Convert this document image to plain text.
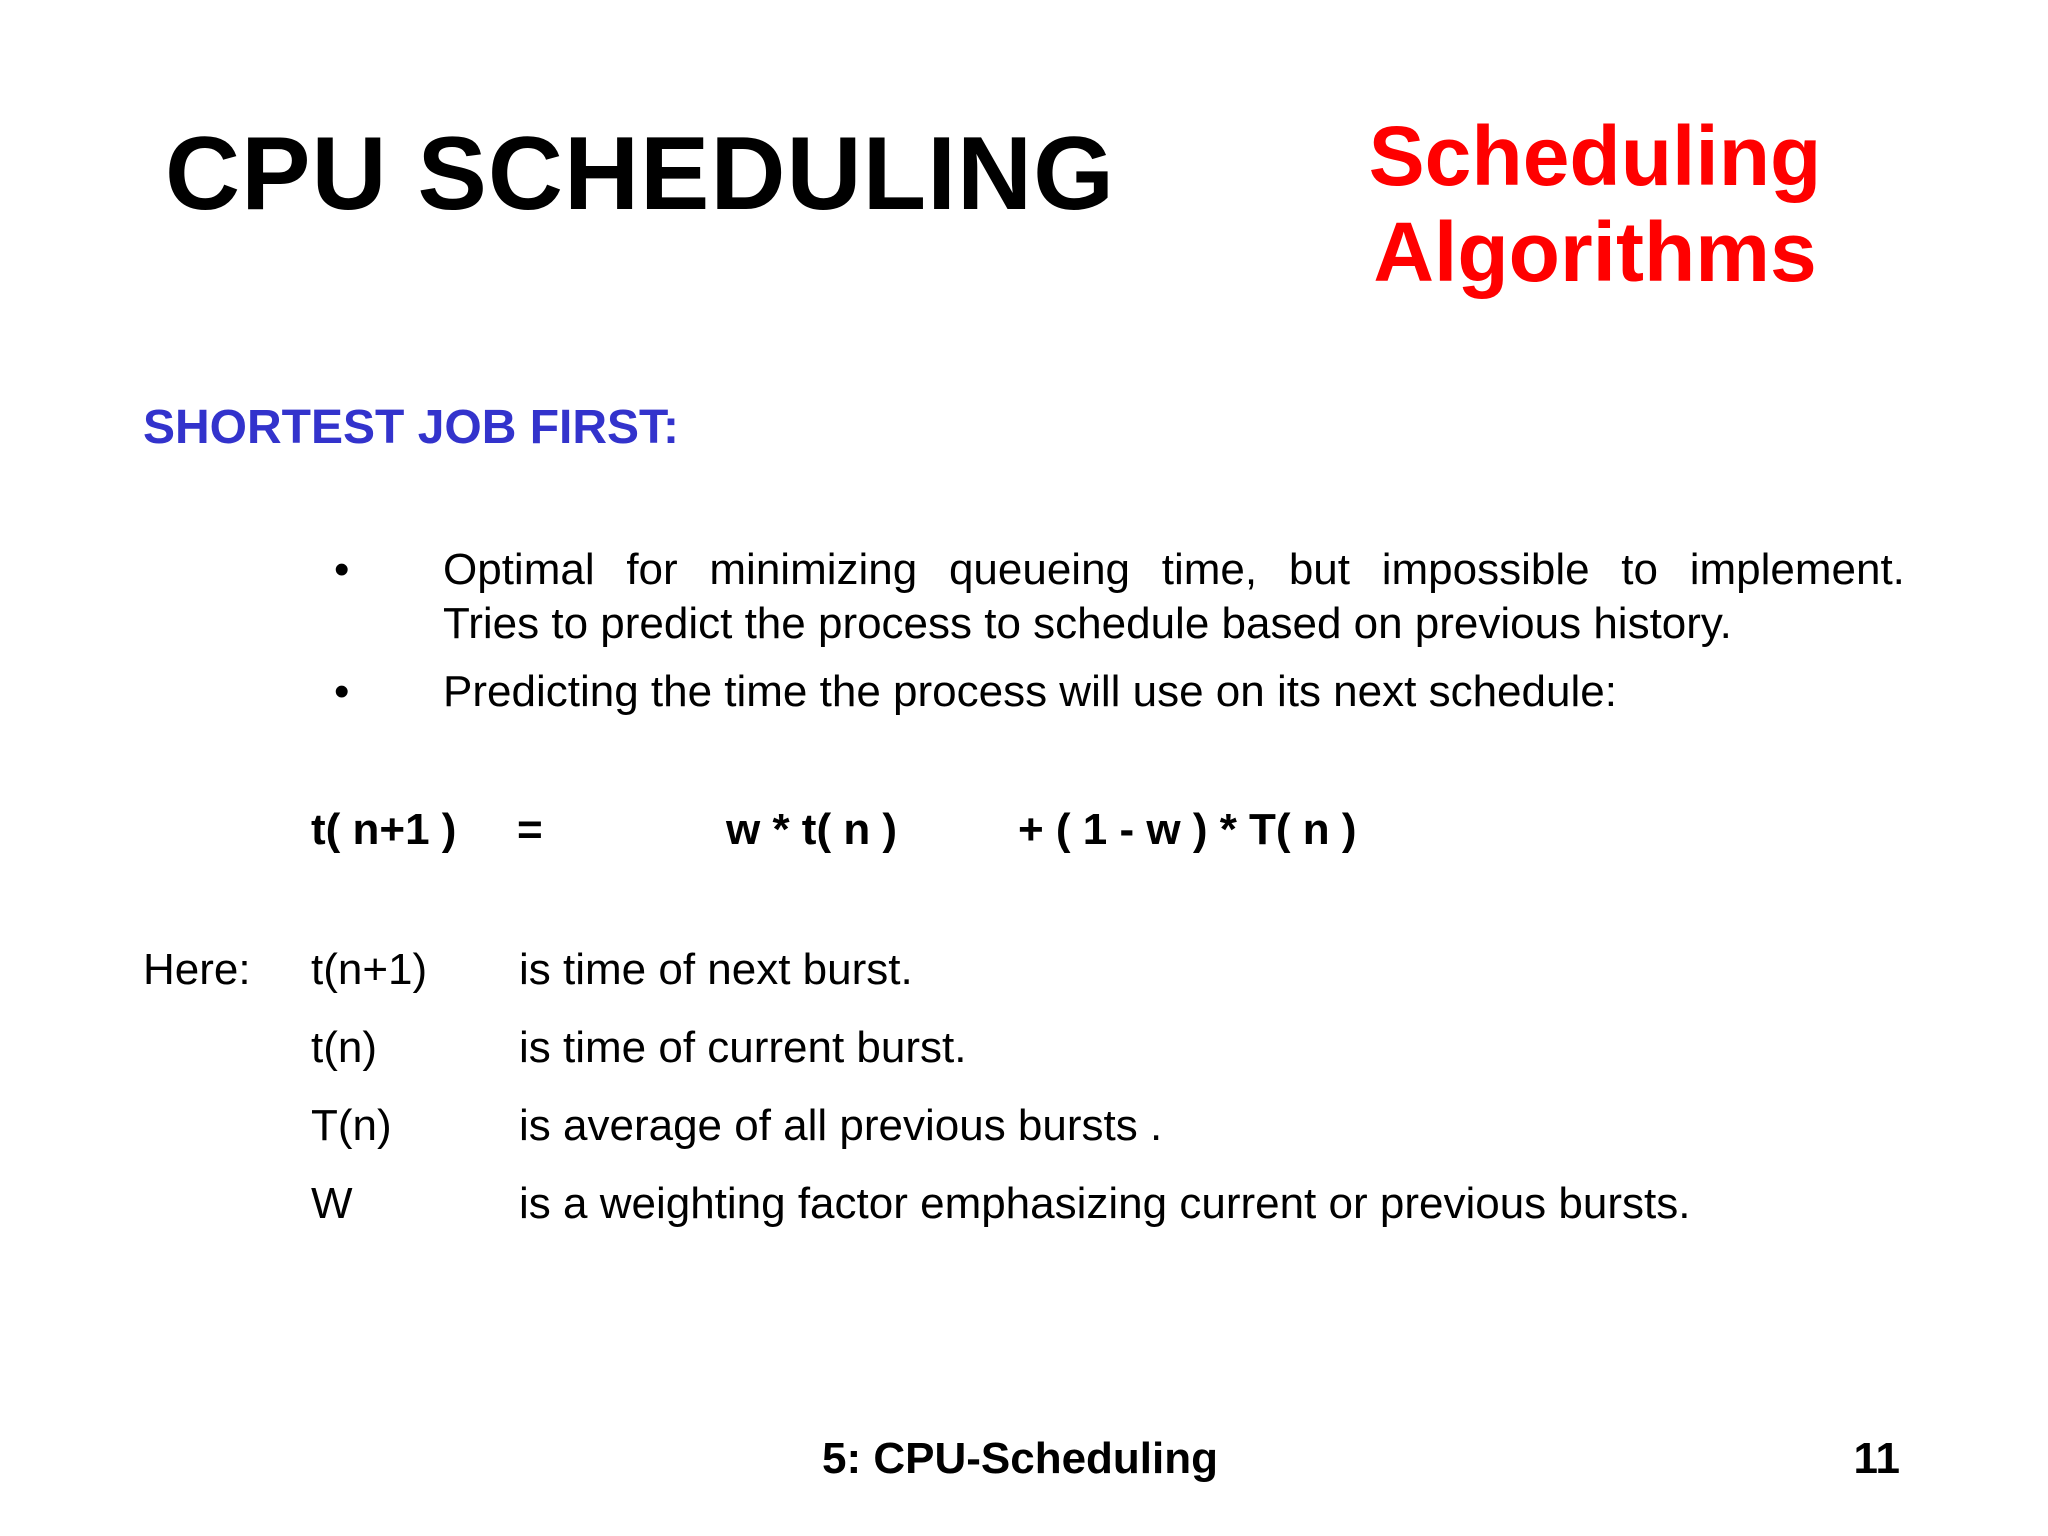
CPU SCHEDULING	Scheduling
Algorithms
SHORTEST JOB FIRST:
• Optimal for minimizing queueing time, but impossible to implement.
Tries to predict the process to schedule based on previous history.
• Predicting the time the process will use on its next schedule:
t( n+1 ) =	w * t( n )	+ ( 1 - w ) * T( n )
Here: t(n+1) is time of next burst.
t(n)	is time of current burst.
T(n)	is average of all previous bursts .
W	is a weighting factor emphasizing current or previous bursts.
5: CPU-Scheduling	11
